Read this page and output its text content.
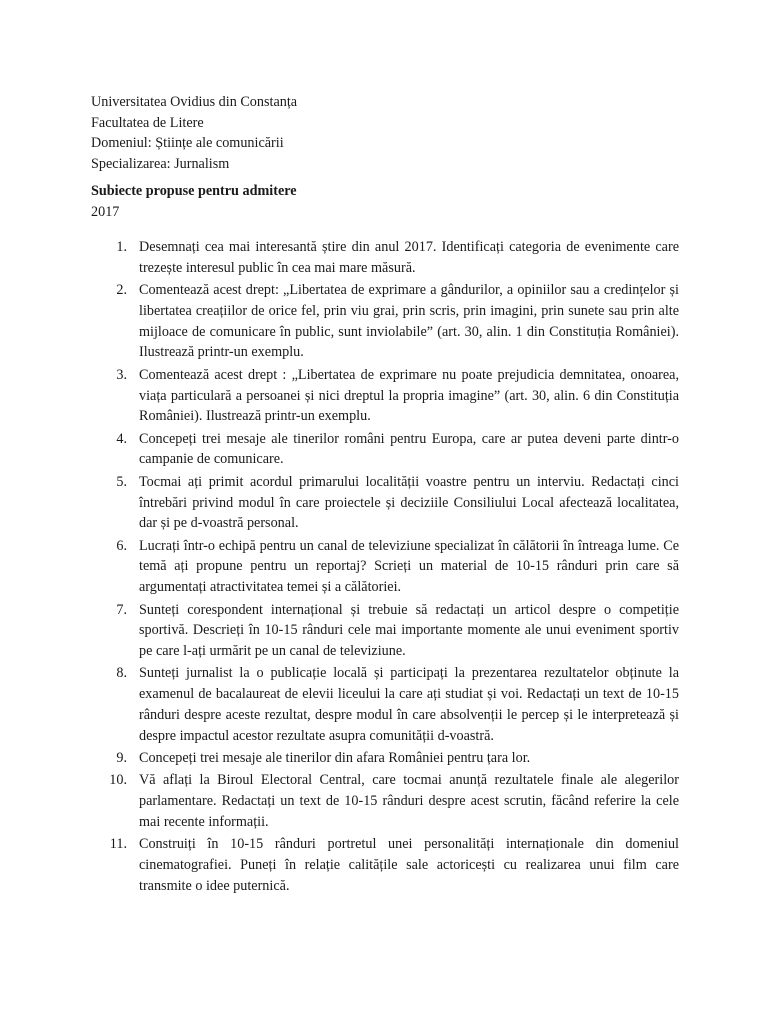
Universitatea Ovidius din Constanța
Facultatea de Litere
Domeniul: Științe ale comunicării
Specializarea: Jurnalism
Subiecte propuse pentru admitere
2017
1. Desemnați cea mai interesantă știre din anul 2017. Identificați categoria de evenimente care trezește interesul public în cea mai mare măsură.
2. Comentează acest drept: „Libertatea de exprimare a gândurilor, a opiniilor sau a credințelor și libertatea creațiilor de orice fel, prin viu grai, prin scris, prin imagini, prin sunete sau prin alte mijloace de comunicare în public, sunt inviolabile” (art. 30, alin. 1 din Constituția României). Ilustrează printr-un exemplu.
3. Comentează acest drept : „Libertatea de exprimare nu poate prejudicia demnitatea, onoarea, viața particulară a persoanei și nici dreptul la propria imagine” (art. 30, alin. 6 din Constituția României). Ilustrează printr-un exemplu.
4. Concepeți trei mesaje ale tinerilor români pentru Europa, care ar putea deveni parte dintr-o campanie de comunicare.
5. Tocmai ați primit acordul primarului localității voastre pentru un interviu. Redactați cinci întrebări privind modul în care proiectele și deciziile Consiliului Local afectează localitatea, dar și pe d-voastră personal.
6. Lucrați într-o echipă pentru un canal de televiziune specializat în călătorii în întreaga lume. Ce temă ați propune pentru un reportaj? Scrieți un material de 10-15 rânduri prin care să argumentați atractivitatea temei și a călătoriei.
7. Sunteți corespondent internațional și trebuie să redactați un articol despre o competiție sportivă. Descrieți în 10-15 rânduri cele mai importante momente ale unui eveniment sportiv pe care l-ați urmărit pe un canal de televiziune.
8. Sunteți jurnalist la o publicație locală și participați la prezentarea rezultatelor obținute la examenul de bacalaureat de elevii liceului la care ați studiat și voi. Redactați un text de 10-15 rânduri despre aceste rezultat, despre modul în care absolvenții le percep și le interpretează și despre impactul acestor rezultate asupra comunității d-voastră.
9. Concepeți trei mesaje ale tinerilor din afara României pentru țara lor.
10. Vă aflați la Biroul Electoral Central, care tocmai anunță rezultatele finale ale alegerilor parlamentare. Redactați un text de 10-15 rânduri despre acest scrutin, făcând referire la cele mai recente informații.
11. Construiți în 10-15 rânduri portretul unei personalități internaționale din domeniul cinematografiei. Puneți în relație calitățile sale actoricești cu realizarea unui film care transmite o idee puternică.
